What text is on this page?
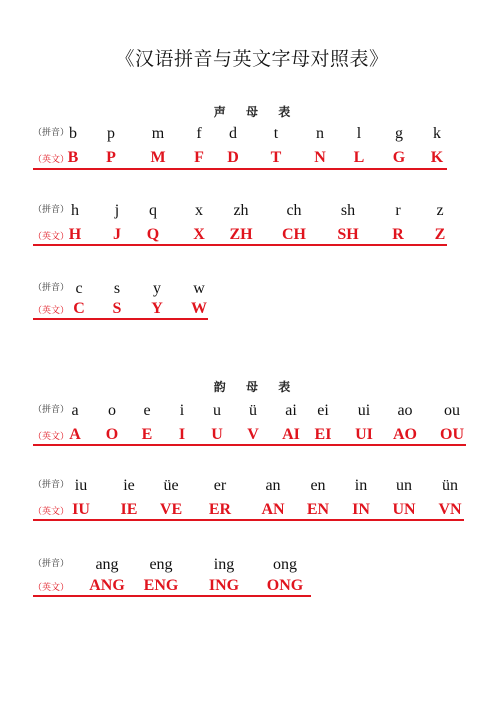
《汉语拼音与英文字母对照表》
声 母 表
韵 母 表
（拼音）
（英文）
b p m f d t n l g k
B P M F D T N L G K
（拼音）
（英文）
h j q x zh ch sh	r z
H J Q X ZH CH SH R Z
（拼音）
（英文）
c s y w
C S Y W
（拼音）
（英文）
a o e i u ü ai ei ui ao ou
A O E I U V AI EI UI AO OU
（拼音）
（英文）
iu ie üe er an en in un ün
IU IE VE ER AN EN IN UN VN
（拼音）
（英文）
ang eng	ing ong
ANG ENG ING ONG
